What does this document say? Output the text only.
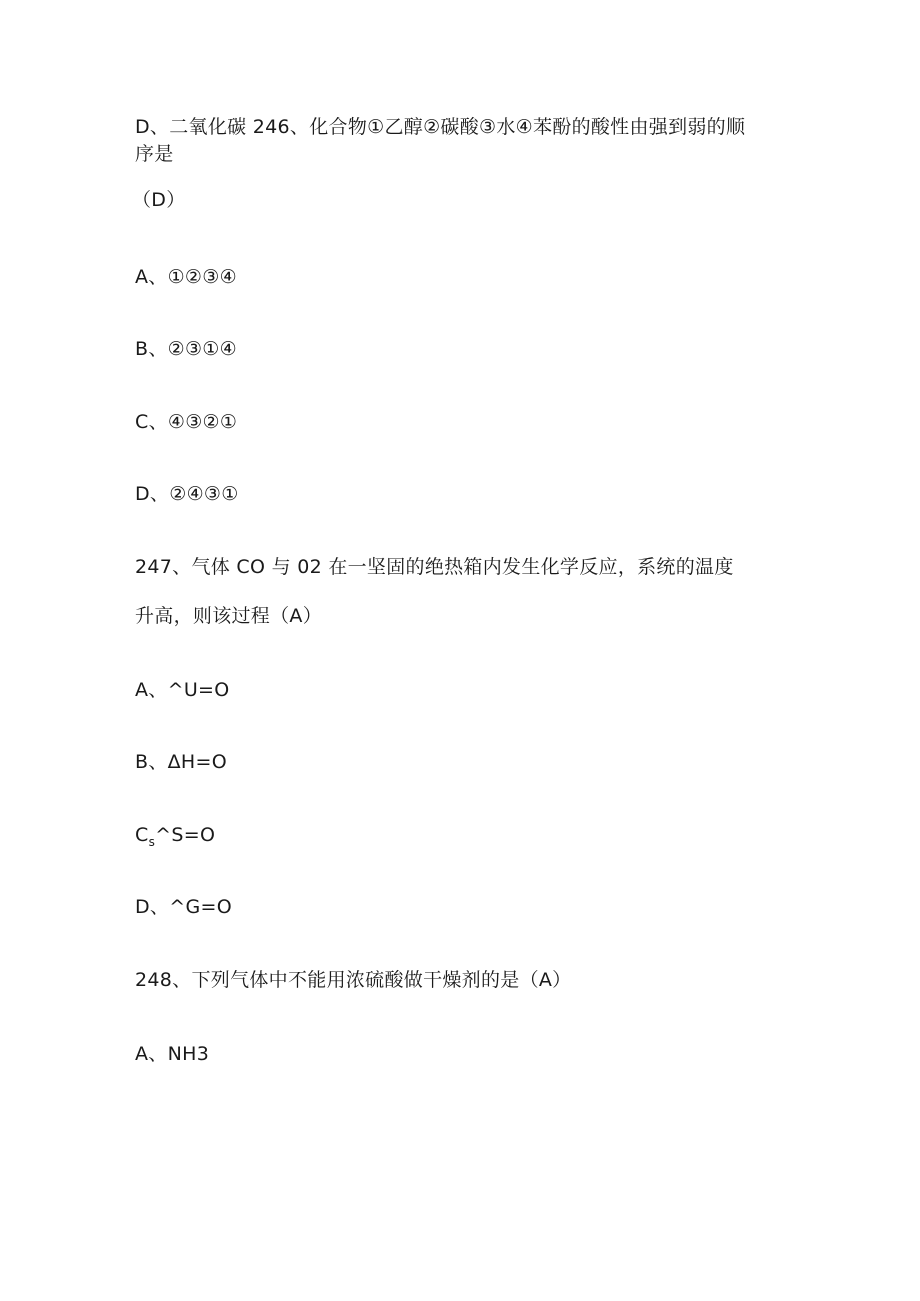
D、二氧化碳 246、化合物①乙醇②碳酸③水④苯酚的酸性由强到弱的顺
序是
（D）
A、①②③④
B、②③①④
C、④③②①
D、②④③①
247、气体 CO 与 02 在一坚固的绝热箱内发生化学反应，系统的温度
升高，则该过程（A）
A、^U=O
B、ΔH=O
$C_s\^{}S=O$
D、^G=O
248、下列气体中不能用浓硫酸做干燥剂的是（A）
A、NH3
